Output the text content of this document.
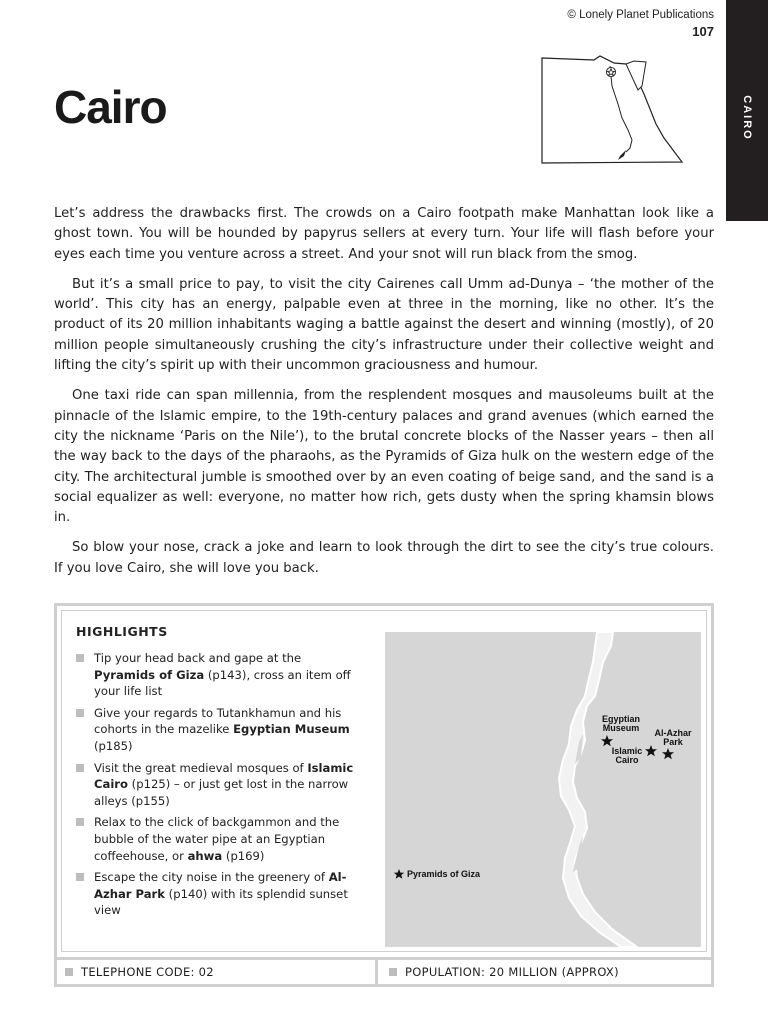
© Lonely Planet Publications
107
CAIRO
Cairo

Let’s address the drawbacks first. The crowds on a Cairo footpath make Manhattan look like a ghost town. You will be hounded by papyrus sellers at every turn. Your life will flash before your eyes each time you venture across a street. And your snot will run black from the smog.

But it’s a small price to pay, to visit the city Cairenes call Umm ad-Dunya – ‘the mother of the world’. This city has an energy, palpable even at three in the morning, like no other. It’s the product of its 20 million inhabitants waging a battle against the desert and winning (mostly), of 20 million people simultaneously crushing the city’s infrastructure under their collective weight and lifting the city’s spirit up with their uncommon graciousness and humour.

One taxi ride can span millennia, from the resplendent mosques and mausoleums built at the pinnacle of the Islamic empire, to the 19th-century palaces and grand avenues (which earned the city the nickname ‘Paris on the Nile’), to the brutal concrete blocks of the Nasser years – then all the way back to the days of the pharaohs, as the Pyramids of Giza hulk on the western edge of the city. The architectural jumble is smoothed over by an even coating of beige sand, and the sand is a social equalizer as well: everyone, no matter how rich, gets dusty when the spring khamsin blows in.

So blow your nose, crack a joke and learn to look through the dirt to see the city’s true colours. If you love Cairo, she will love you back.

HIGHLIGHTS
Tip your head back and gape at the Pyramids of Giza (p143), cross an item off your life list
Give your regards to Tutankhamun and his cohorts in the mazelike Egyptian Museum (p185)
Visit the great medieval mosques of Islamic Cairo (p125) – or just get lost in the narrow alleys (p155)
Relax to the click of backgammon and the bubble of the water pipe at an Egyptian coffeehouse, or ahwa (p169)
Escape the city noise in the greenery of Al-Azhar Park (p140) with its splendid sunset view
Egyptian
Museum Al-Azhar
Park
Islamic
Cairo
Pyramids of Giza
TELEPHONE CODE: 02	POPULATION: 20 MILLION (APPROX)
